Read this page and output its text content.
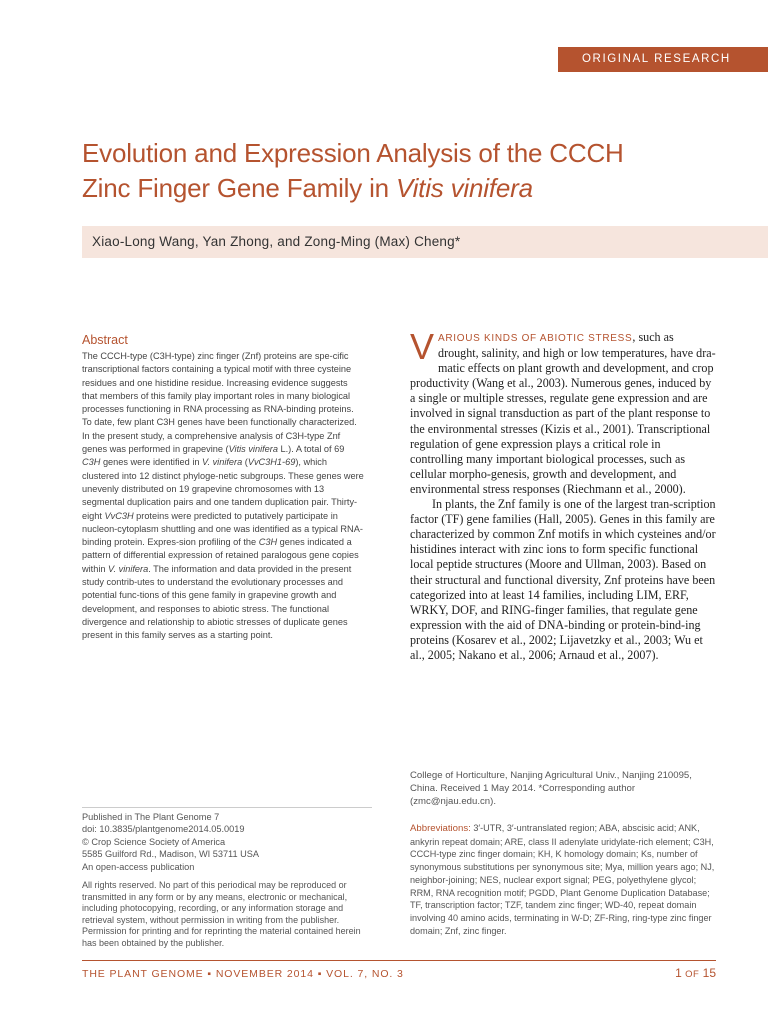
ORIGINAL RESEARCH
Evolution and Expression Analysis of the CCCH
Zinc Finger Gene Family in Vitis vinifera
Xiao-Long Wang, Yan Zhong, and Zong-Ming (Max) Cheng*
Abstract

The CCCH-type (C3H-type) zinc finger (Znf) proteins are spe-cific transcriptional factors containing a typical motif with three cysteine residues and one histidine residue. Increasing evidence suggests that members of this family play important roles in many biological processes functioning in RNA processing as RNA-binding proteins. To date, few plant C3H genes have been functionally characterized. In the present study, a comprehensive analysis of C3H-type Znf genes was performed in grapevine (Vitis vinifera L.). A total of 69 C3H genes were identified in V. vinifera (VvC3H1-69), which clustered into 12 distinct phyloge-netic subgroups. These genes were unevenly distributed on 19 grapevine chromosomes with 13 segmental duplication pairs and one tandem duplication pair. Thirty-eight VvC3H proteins were predicted to putatively participate in nucleon-cytoplasm shuttling and one was identified as a typical RNA-binding protein. Expres-sion profiling of the C3H genes indicated a pattern of differential expression of retained paralogous gene copies within V. vinifera. The information and data provided in the present study contrib-utes to understand the evolutionary processes and potential func-tions of this gene family in grapevine growth and development, and responses to abiotic stress. The functional divergence and relationship to abiotic stresses of duplicate genes present in this family serves as a starting point.

VARIOUS KINDS OF ABIOTIC STRESS, such as drought, salinity, and high or low temperatures, have dra-matic effects on plant growth and development, and crop productivity (Wang et al., 2003). Numerous genes, induced by a single or multiple stresses, regulate gene expression and are involved in signal transduction as part of the plant response to the environmental stresses (Kizis et al., 2001). Transcriptional regulation of gene expression plays a critical role in controlling many important biological processes, such as cellular morpho-genesis, growth and development, and environmental stress responses (Riechmann et al., 2000).

In plants, the Znf family is one of the largest tran-scription factor (TF) gene families (Hall, 2005). Genes in this family are characterized by common Znf motifs in which cysteines and/or histidines interact with zinc ions to form specific functional local peptide structures (Moore and Ullman, 2003). Based on their structural and functional diversity, Znf proteins have been categorized into at least 14 families, including LIM, ERF, WRKY, DOF, and RING-finger families, that regulate gene expression with the aid of DNA-binding or protein-bind-ing proteins (Kosarev et al., 2002; Lijavetzky et al., 2003; Wu et al., 2005; Nakano et al., 2006; Arnaud et al., 2007).

College of Horticulture, Nanjing Agricultural Univ., Nanjing 210095, China. Received 1 May 2014. *Corresponding author (zmc@njau.edu.cn).

Abbreviations: 3′-UTR, 3′-untranslated region; ABA, abscisic acid; ANK, ankyrin repeat domain; ARE, class II adenylate uridylate-rich element; C3H, CCCH-type zinc finger domain; KH, K homology domain; Ks, number of synonymous substitutions per synonymous site; Mya, million years ago; NJ, neighbor-joining; NES, nuclear export signal; PEG, polyethylene glycol; RRM, RNA recognition motif; PGDD, Plant Genome Duplication Database; TF, transcription factor; TZF, tandem zinc finger; WD-40, repeat domain involving 40 amino acids, terminating in W-D; ZF-Ring, ring-type zinc finger domain; Znf, zinc finger.

Published in The Plant Genome 7
doi: 10.3835/plantgenome2014.05.0019
© Crop Science Society of America
5585 Guilford Rd., Madison, WI 53711 USA
An open-access publication

All rights reserved. No part of this periodical may be reproduced or transmitted in any form or by any means, electronic or mechanical, including photocopying, recording, or any information storage and retrieval system, without permission in writing from the publisher. Permission for printing and for reprinting the material contained herein has been obtained by the publisher.

THE PLANT GENOME ▪ NOVEMBER 2014 ▪ VOL. 7, NO. 3	1 OF 15
